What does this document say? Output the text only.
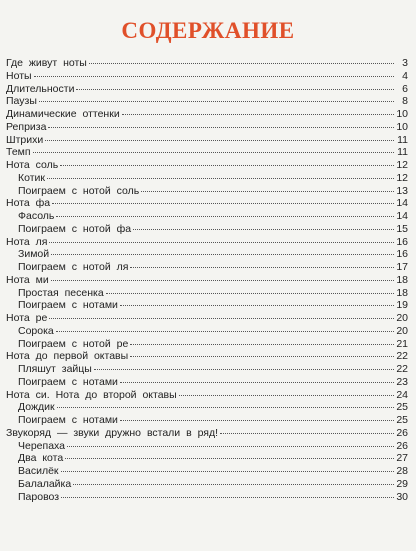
СОДЕРЖАНИЕ
Где живут ноты	3
Ноты	4
Длительности	6
Паузы	8
Динамические оттенки	10
Реприза	10
Штрихи	11
Темп	11
Нота соль	12
Котик	12
Поиграем с нотой соль	13
Нота фа	14
Фасоль	14
Поиграем с нотой фа	15
Нота ля	16
Зимой	16
Поиграем с нотой ля	17
Нота ми	18
Простая песенка	18
Поиграем с нотами	19
Нота ре	20
Сорока	20
Поиграем с нотой ре	21
Нота до первой октавы	22
Пляшут зайцы	22
Поиграем с нотами	23
Нота си. Нота до второй октавы	24
Дождик	25
Поиграем с нотами	25
Звукоряд — звуки дружно встали в ряд!	26
Черепаха	26
Два кота	27
Василёк	28
Балалайка	29
Паровоз	30
